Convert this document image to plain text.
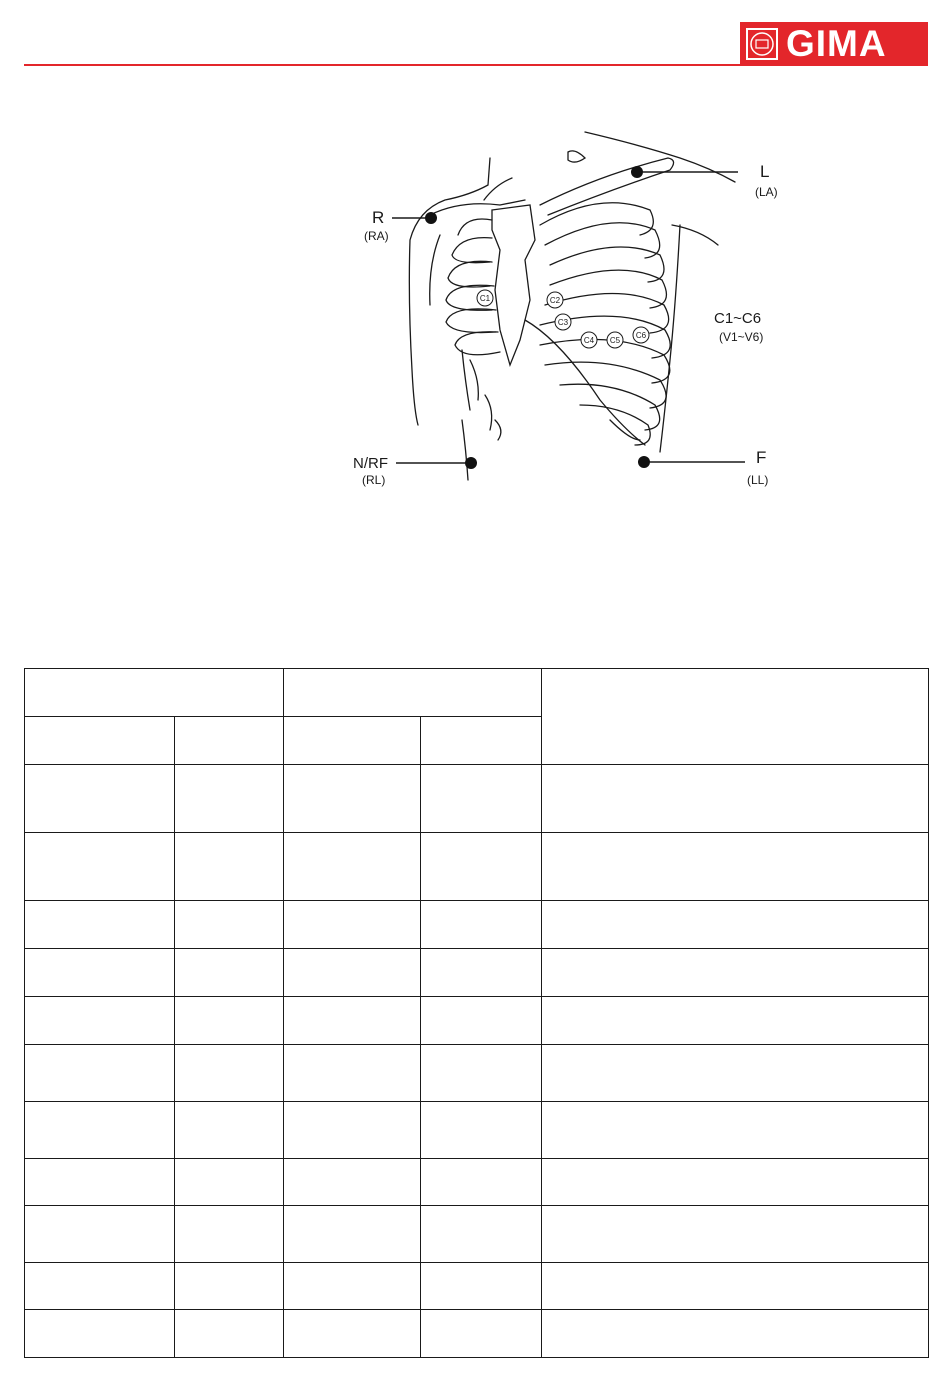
GIMA
R
(RA)
L
(LA)
N/RF
(RL)
F
(LL)
C1~C6
(V1~V6)
C1	C2
C3
C4 C5
C6
